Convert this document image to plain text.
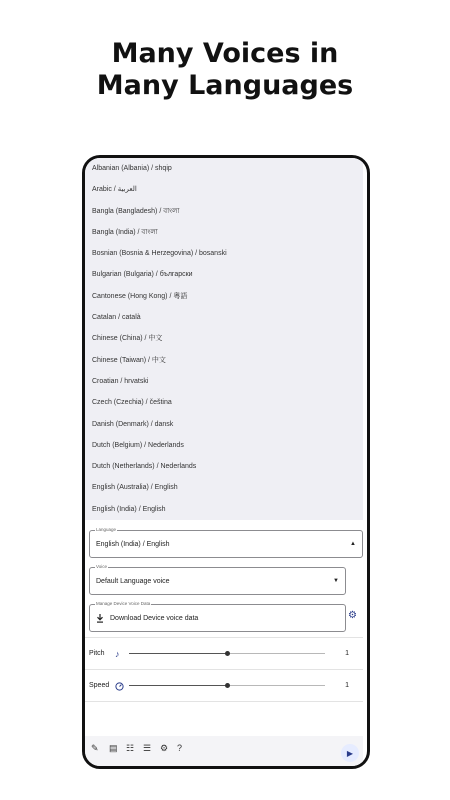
Many Voices in
Many Languages
Albanian (Albania) / shqip
Arabic / العربية
Bangla (Bangladesh) / বাংলা
Bangla (India) / বাংলা
Bosnian (Bosnia & Herzegovina) / bosanski
Bulgarian (Bulgaria) / български
Cantonese (Hong Kong) / 粵語
Catalan / català
Chinese (China) / 中文
Chinese (Taiwan) / 中文
Croatian / hrvatski
Czech (Czechia) / čeština
Danish (Denmark) / dansk
Dutch (Belgium) / Nederlands
Dutch (Netherlands) / Nederlands
English (Australia) / English
English (India) / English
Language
English (India) / English	▲
Voice
Default Language voice	▼
Manage Device Voice Data
Download Device voice data	⚙
Pitch ♪	1
Speed	1
✎ ▤ ☷ ☰ ⚙ ?	▶
